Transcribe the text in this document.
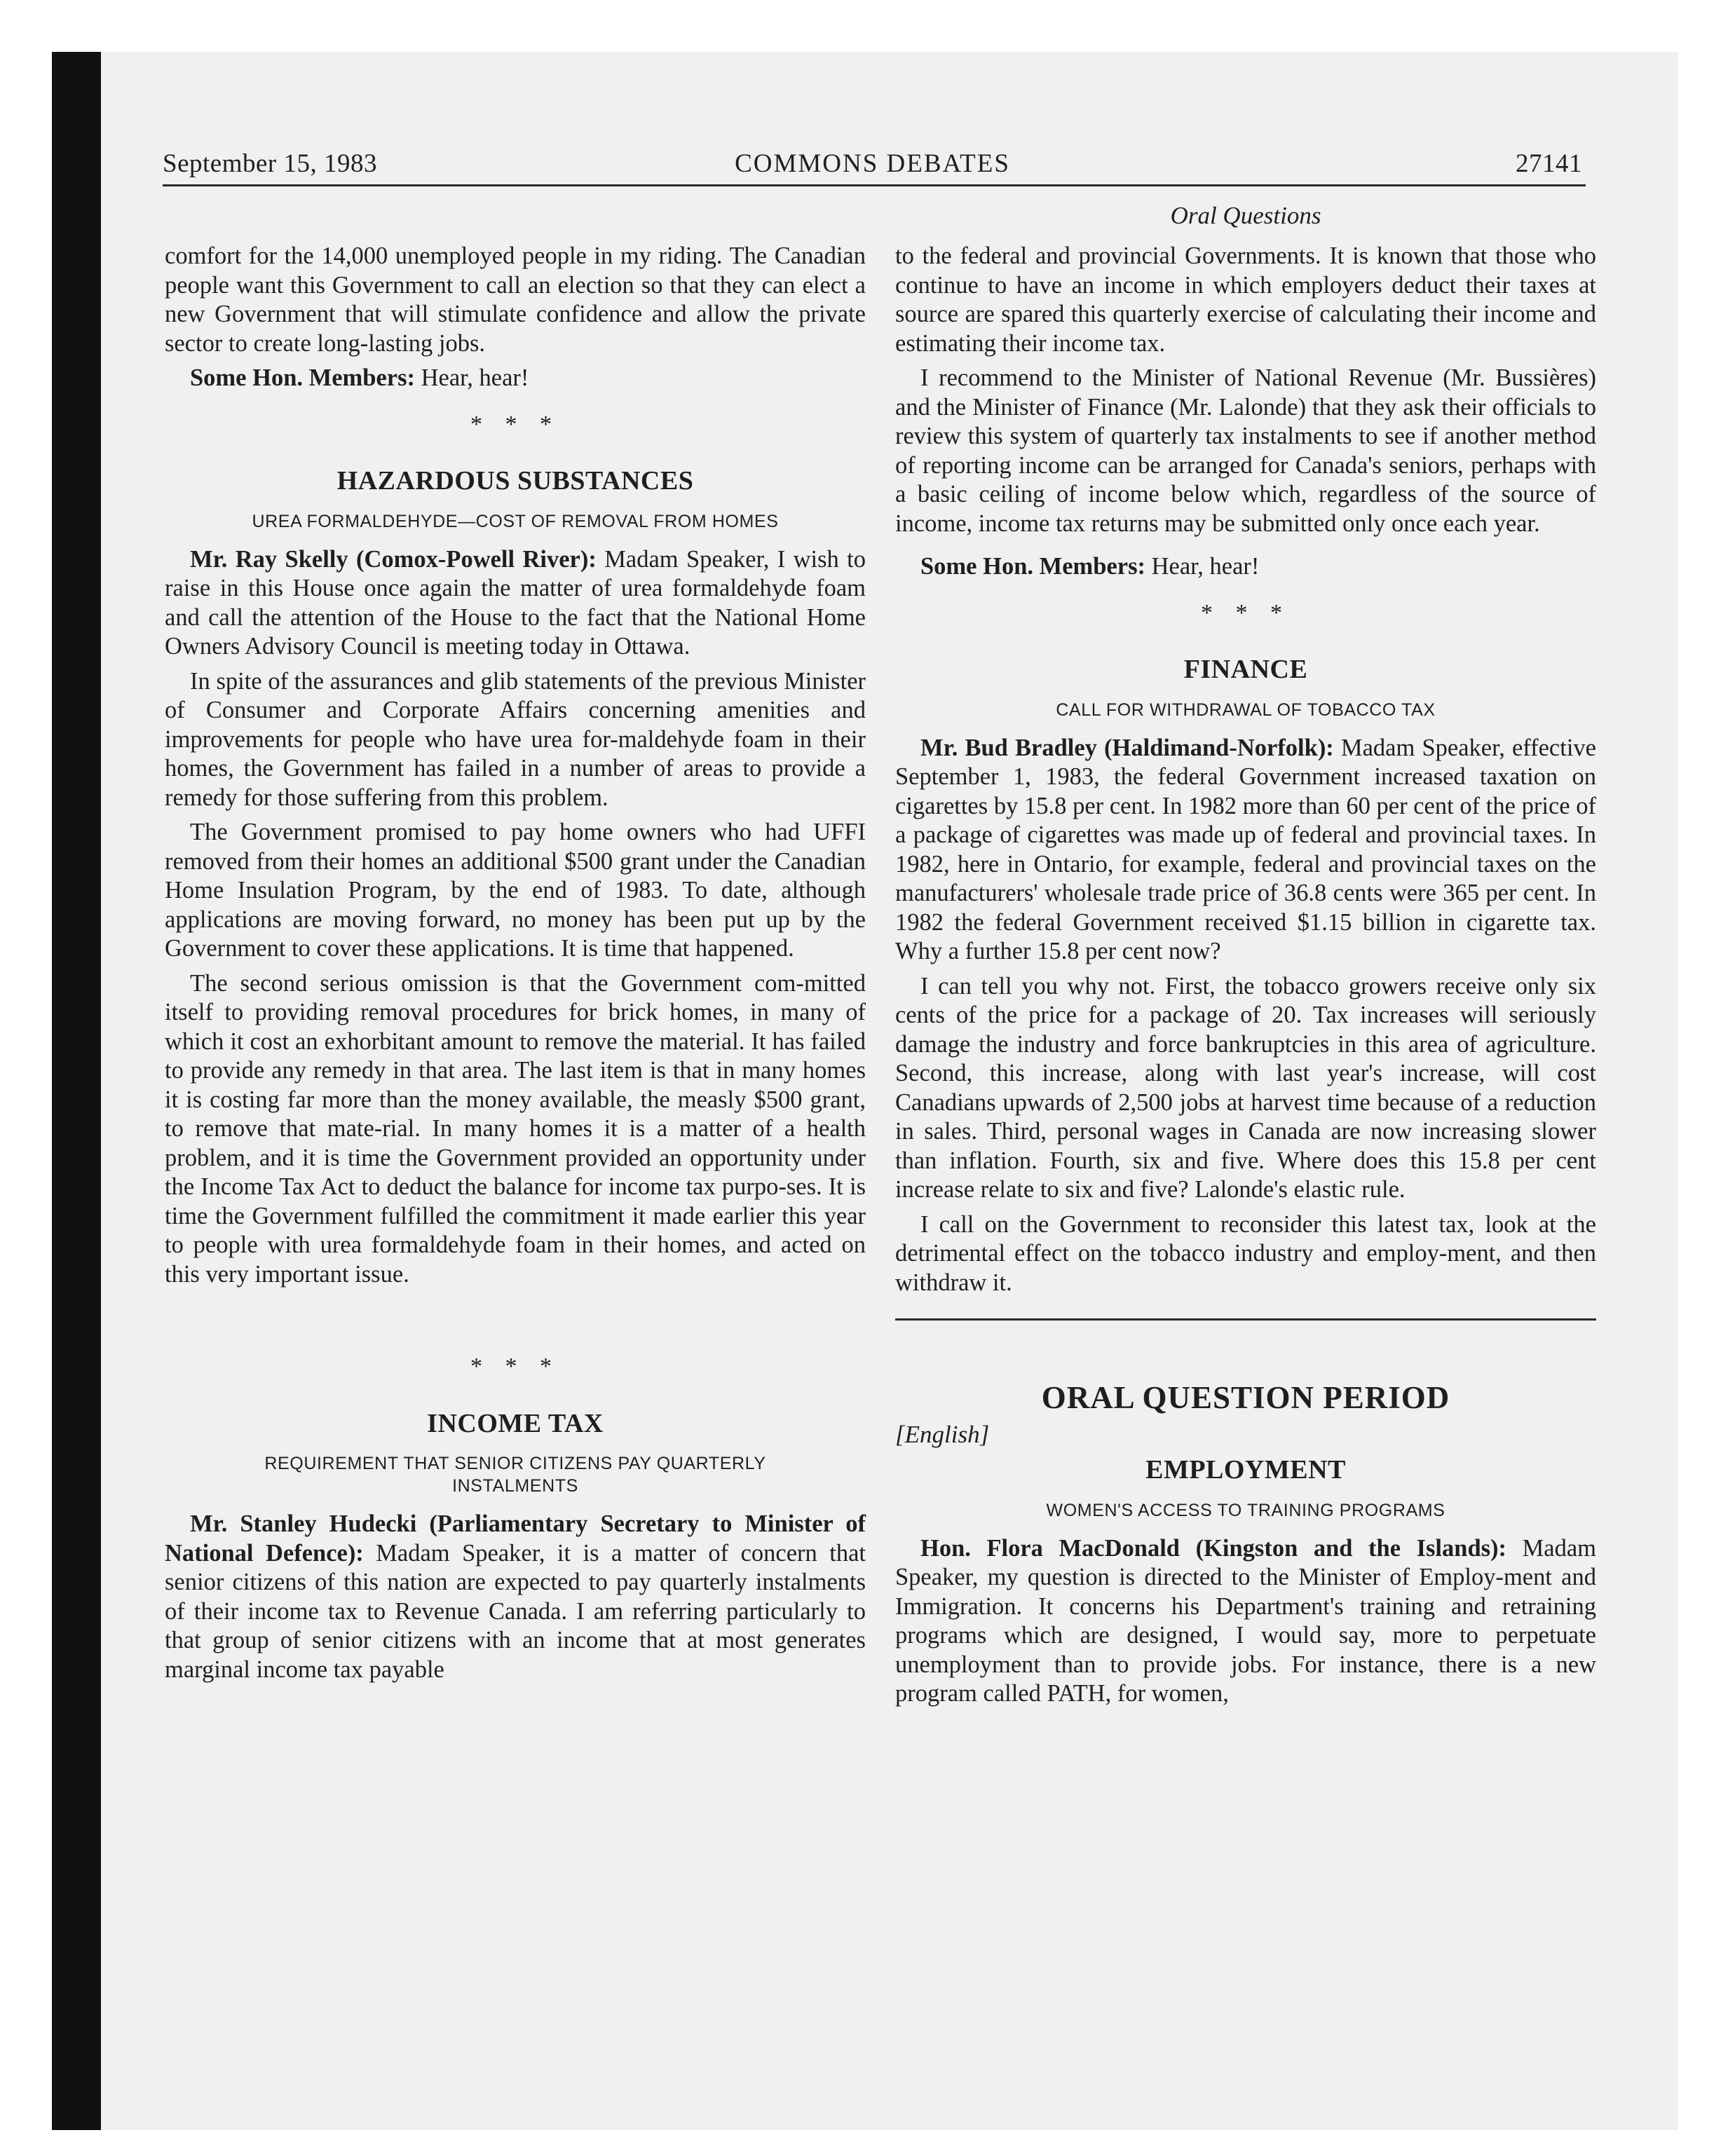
September 15, 1983	COMMONS DEBATES	27141
Oral Questions

comfort for the 14,000 unemployed people in my riding. The Canadian people want this Government to call an election so that they can elect a new Government that will stimulate confidence and allow the private sector to create long-lasting jobs.

Some Hon. Members: Hear, hear!

* * *
HAZARDOUS SUBSTANCES
UREA FORMALDEHYDE—COST OF REMOVAL FROM HOMES

Mr. Ray Skelly (Comox-Powell River): Madam Speaker, I wish to raise in this House once again the matter of urea formaldehyde foam and call the attention of the House to the fact that the National Home Owners Advisory Council is meeting today in Ottawa.

In spite of the assurances and glib statements of the previous Minister of Consumer and Corporate Affairs concerning amenities and improvements for people who have urea for-maldehyde foam in their homes, the Government has failed in a number of areas to provide a remedy for those suffering from this problem.

The Government promised to pay home owners who had UFFI removed from their homes an additional $500 grant under the Canadian Home Insulation Program, by the end of 1983. To date, although applications are moving forward, no money has been put up by the Government to cover these applications. It is time that happened.

The second serious omission is that the Government com-mitted itself to providing removal procedures for brick homes, in many of which it cost an exhorbitant amount to remove the material. It has failed to provide any remedy in that area. The last item is that in many homes it is costing far more than the money available, the measly $500 grant, to remove that mate-rial. In many homes it is a matter of a health problem, and it is time the Government provided an opportunity under the Income Tax Act to deduct the balance for income tax purpo-ses. It is time the Government fulfilled the commitment it made earlier this year to people with urea formaldehyde foam in their homes, and acted on this very important issue.

* * *
INCOME TAX
REQUIREMENT THAT SENIOR CITIZENS PAY QUARTERLY INSTALMENTS

Mr. Stanley Hudecki (Parliamentary Secretary to Minister of National Defence): Madam Speaker, it is a matter of concern that senior citizens of this nation are expected to pay quarterly instalments of their income tax to Revenue Canada. I am referring particularly to that group of senior citizens with an income that at most generates marginal income tax payable

to the federal and provincial Governments. It is known that those who continue to have an income in which employers deduct their taxes at source are spared this quarterly exercise of calculating their income and estimating their income tax.

I recommend to the Minister of National Revenue (Mr. Bussières) and the Minister of Finance (Mr. Lalonde) that they ask their officials to review this system of quarterly tax instalments to see if another method of reporting income can be arranged for Canada's seniors, perhaps with a basic ceiling of income below which, regardless of the source of income, income tax returns may be submitted only once each year.

Some Hon. Members: Hear, hear!

* * *
FINANCE
CALL FOR WITHDRAWAL OF TOBACCO TAX

Mr. Bud Bradley (Haldimand-Norfolk): Madam Speaker, effective September 1, 1983, the federal Government increased taxation on cigarettes by 15.8 per cent. In 1982 more than 60 per cent of the price of a package of cigarettes was made up of federal and provincial taxes. In 1982, here in Ontario, for example, federal and provincial taxes on the manufacturers' wholesale trade price of 36.8 cents were 365 per cent. In 1982 the federal Government received $1.15 billion in cigarette tax. Why a further 15.8 per cent now?

I can tell you why not. First, the tobacco growers receive only six cents of the price for a package of 20. Tax increases will seriously damage the industry and force bankruptcies in this area of agriculture. Second, this increase, along with last year's increase, will cost Canadians upwards of 2,500 jobs at harvest time because of a reduction in sales. Third, personal wages in Canada are now increasing slower than inflation. Fourth, six and five. Where does this 15.8 per cent increase relate to six and five? Lalonde's elastic rule.

I call on the Government to reconsider this latest tax, look at the detrimental effect on the tobacco industry and employ-ment, and then withdraw it.

ORAL QUESTION PERIOD
[English]
EMPLOYMENT
WOMEN'S ACCESS TO TRAINING PROGRAMS

Hon. Flora MacDonald (Kingston and the Islands): Madam Speaker, my question is directed to the Minister of Employ-ment and Immigration. It concerns his Department's training and retraining programs which are designed, I would say, more to perpetuate unemployment than to provide jobs. For instance, there is a new program called PATH, for women,
